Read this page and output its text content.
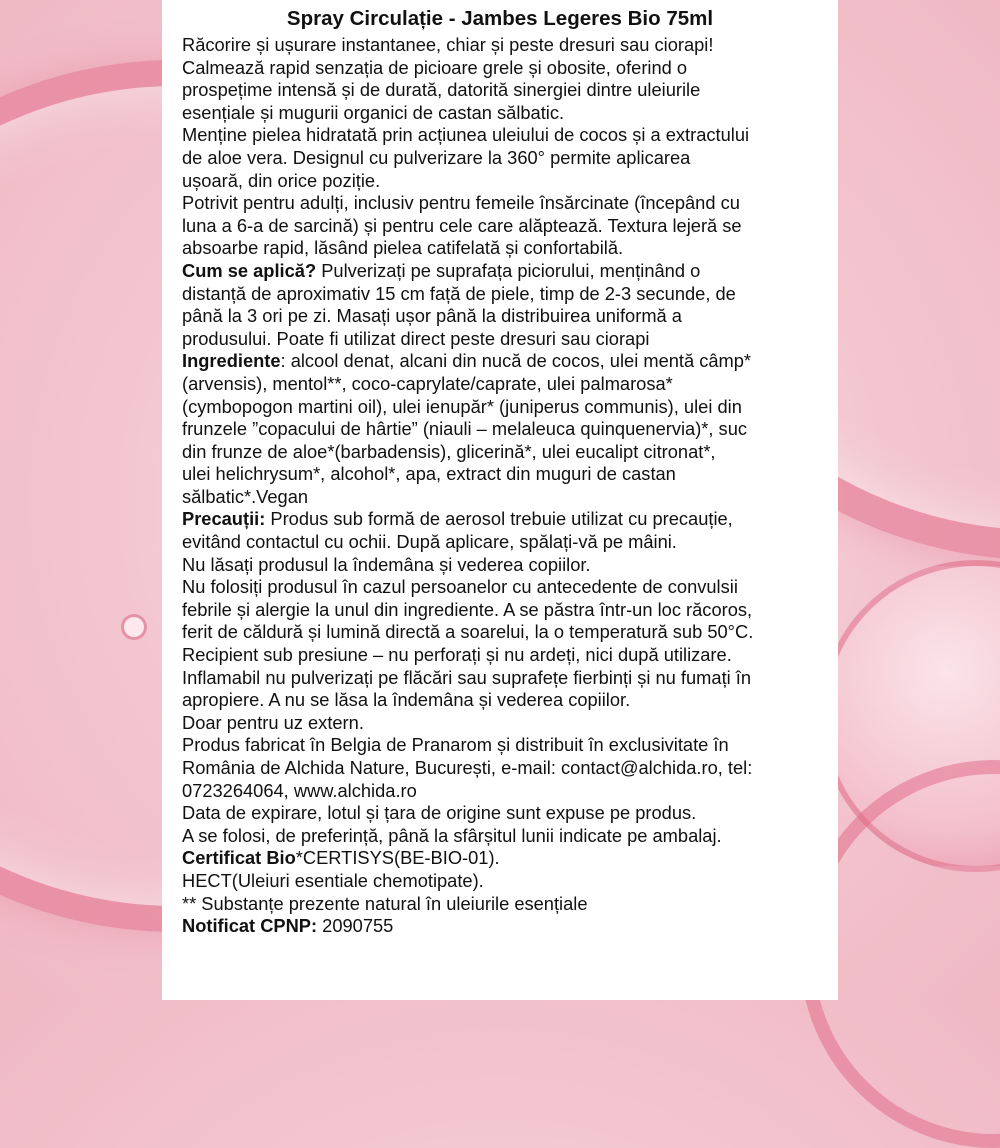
Spray Circulație - Jambes Legeres Bio 75ml

Răcorire și ușurare instantanee, chiar și peste dresuri sau ciorapi!

Calmează rapid senzația de picioare grele și obosite, oferind o

prospețime intensă și de durată, datorită sinergiei dintre uleiurile

esențiale și mugurii organici de castan sălbatic.

Menține pielea hidratată prin acțiunea uleiului de cocos și a extractului

de aloe vera. Designul cu pulverizare la 360° permite aplicarea

ușoară, din orice poziție.

Potrivit pentru adulți, inclusiv pentru femeile însărcinate (începând cu

luna a 6-a de sarcină) și pentru cele care alăptează. Textura lejeră se

absoarbe rapid, lăsând pielea catifelată și confortabilă.

Cum se aplică? Pulverizați pe suprafața piciorului, menținând o

distanță de aproximativ 15 cm față de piele, timp de 2-3 secunde, de

până la 3 ori pe zi. Masați ușor până la distribuirea uniformă a

produsului. Poate fi utilizat direct peste dresuri sau ciorapi

Ingrediente: alcool denat, alcani din nucă de cocos, ulei mentă câmp*

(arvensis), mentol**, coco-caprylate/caprate, ulei palmarosa*

(cymbopogon martini oil), ulei ienupăr* (juniperus communis), ulei din

frunzele ”copacului de hârtie” (niauli – melaleuca quinquenervia)*, suc

din frunze de aloe*(barbadensis), glicerină*, ulei eucalipt citronat*,

ulei helichrysum*, alcohol*, apa, extract din muguri de castan

sălbatic*.Vegan

Precauții: Produs sub formă de aerosol trebuie utilizat cu precauție,

evitând contactul cu ochii. După aplicare, spălați-vă pe mâini.

Nu lăsați produsul la îndemâna și vederea copiilor.

Nu folosiți produsul în cazul persoanelor cu antecedente de convulsii

febrile și alergie la unul din ingrediente. A se păstra într-un loc răcoros,

ferit de căldură și lumină directă a soarelui, la o temperatură sub 50°C.

Recipient sub presiune – nu perforați și nu ardeți, nici după utilizare.

Inflamabil nu pulverizați pe flăcări sau suprafețe fierbinți și nu fumați în

apropiere. A nu se lăsa la îndemâna și vederea copiilor.

Doar pentru uz extern.

Produs fabricat în Belgia de Pranarom și distribuit în exclusivitate în

România de Alchida Nature, București, e-mail: contact@alchida.ro, tel:

0723264064, www.alchida.ro

Data de expirare, lotul și țara de origine sunt expuse pe produs.

A se folosi, de preferință, până la sfârșitul lunii indicate pe ambalaj.

Certificat Bio*CERTISYS(BE-BIO-01).

HECT(Uleiuri esentiale chemotipate).

** Substanțe prezente natural în uleiurile esențiale

Notificat CPNP: 2090755
